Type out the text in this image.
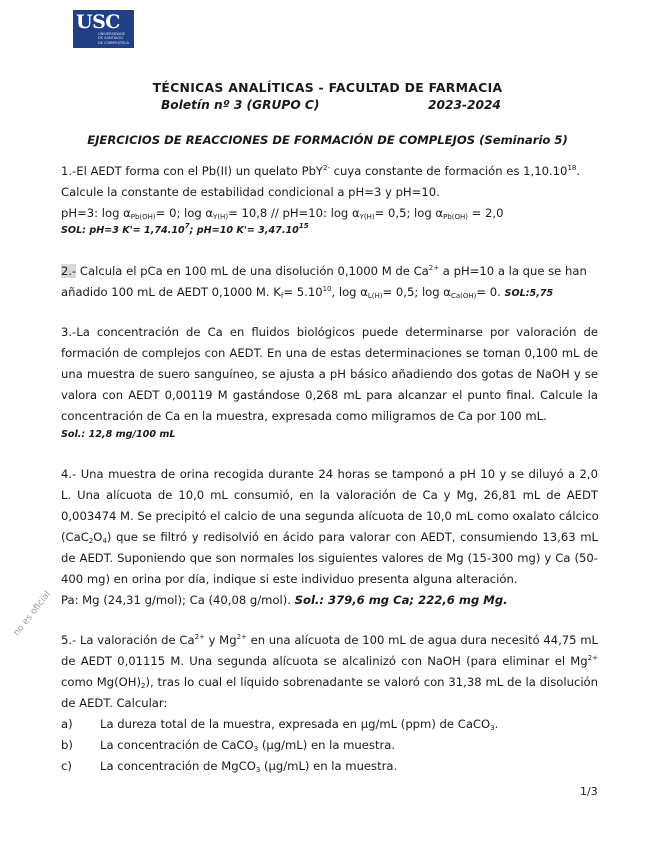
USC
UNIVERSIDADE
DE SANTIAGO
DE COMPOSTELA
no es oficial
TÉCNICAS ANALÍTICAS - FACULTAD DE FARMACIA
Boletín nº 3 (GRUPO C)	2023-2024
EJERCICIOS DE REACCIONES DE FORMACIÓN DE COMPLEJOS (Seminario 5)
1.-El AEDT forma con el Pb(II) un quelato PbY$^{2-}$ cuya constante de formación es 1,10.10$^{18}$.
Calcule la constante de estabilidad condicional a pH=3 y pH=10.
pH=3: $\log \alpha_{Pb(OH)}= 0$; $\log \alpha_{Y(H)}= 10,8 // pH=10$: $\log \alpha_{Y(H)}= 0,5$; $\log \alpha_{Pb(OH)} = 2,0$
SOL: pH=3 $K'= 1,74.10^7$; pH=10 $K'= 3,47.10^{15}$
2.- Calcula el pCa en 100 mL de una disolución 0,1000 M de $Ca^{2+}$ a pH=10 a la que se han
añadido 100 mL de AEDT 0,1000 M. $K_f= 5.10^{10}$, $\log \alpha_{L(H)}= 0,5$; $\log \alpha_{Ca(OH)}= 0$. SOL:5,75
3.-La concentración de Ca en fluidos biológicos puede determinarse por valoración de
formación de complejos con AEDT. En una de estas determinaciones se toman 0,100 mL de
una muestra de suero sanguíneo, se ajusta a pH básico añadiendo dos gotas de NaOH y se
valora con AEDT 0,00119 M gastándose 0,268 mL para alcanzar el punto final. Calcule la
concentración de Ca en la muestra, expresada como miligramos de Ca por 100 mL.
Sol.: 12,8 mg/100 mL
4.- Una muestra de orina recogida durante 24 horas se tamponó a pH 10 y se diluyó a 2,0
L. Una alícuota de 10,0 mL consumió, en la valoración de Ca y Mg, 26,81 mL de AEDT
0,003474 M. Se precipitó el calcio de una segunda alícuota de 10,0 mL como oxalato cálcico
$(CaC_2O_4)$ que se filtró y redisolvió en ácido para valorar con AEDT, consumiendo 13,63 mL
de AEDT. Suponiendo que son normales los siguientes valores de Mg (15-300 mg) y Ca (50-
400 mg) en orina por día, indique si este individuo presenta alguna alteración.
Pa: Mg (24,31 g/mol); Ca (40,08 g/mol). Sol.: 379,6 mg Ca; 222,6 mg Mg.
5.- La valoración de $Ca^{2+}$ y $Mg^{2+}$ en una alícuota de 100 mL de agua dura necesitó 44,75 mL
de AEDT 0,01115 M. Una segunda alícuota se alcalinizó con NaOH (para eliminar el $Mg^{2+}$
como $Mg(OH)_2$), tras lo cual el líquido sobrenadante se valoró con 31,38 mL de la disolución
de AEDT. Calcular:
a) La dureza total de la muestra, expresada en µg/mL (ppm) de CaCO$_3$.
b) La concentración de CaCO$_3$ (µg/mL) en la muestra.
c) La concentración de MgCO$_3$ (µg/mL) en la muestra.
1/3
